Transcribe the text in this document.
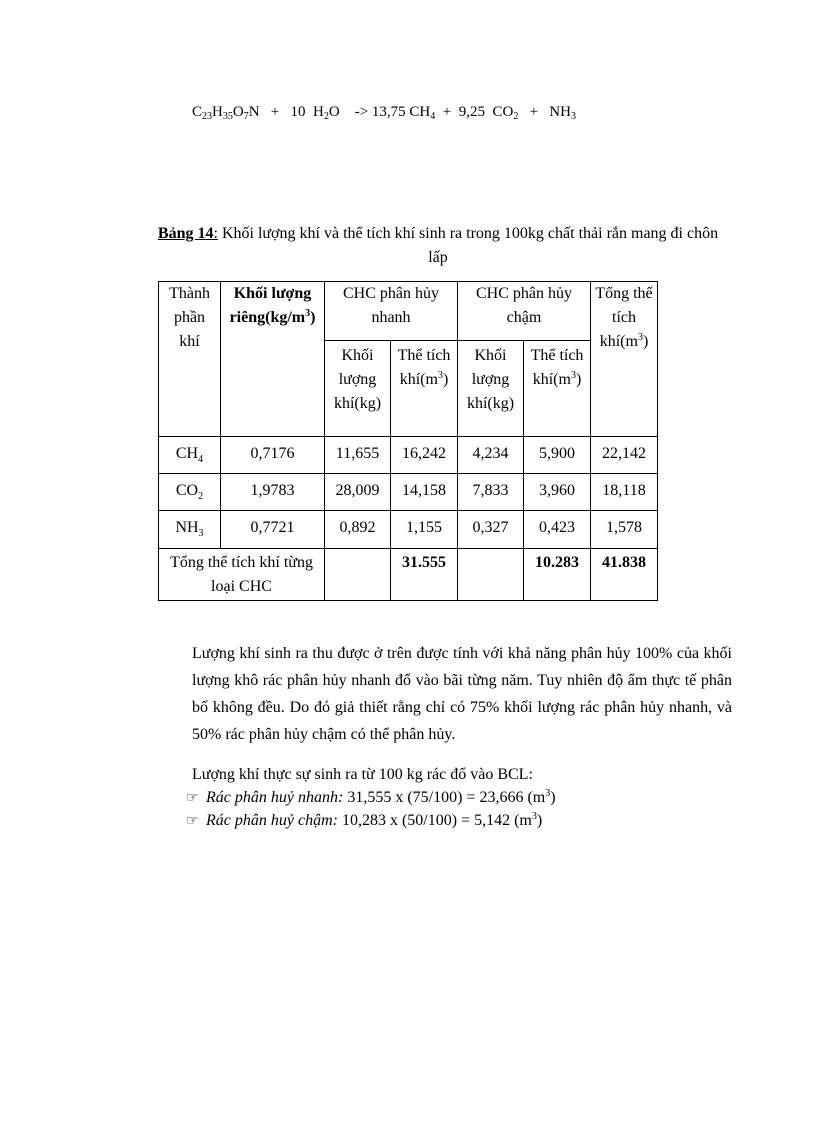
$C_{23}H_{35}O_7N + 10$ $H_2O -> 13,75$ $CH_4 + 9,25$ $CO_2 + NH_3$
Bảng 14: Khối lượng khí và thể tích khí sinh ra trong 100kg chất thải rắn mang đi chôn lấp
Thành phần khí	Khối lượng $riêng(kg/m^3)$	CHC phân hủy nhanh		CHC phân hủy chậm		Tổng thể tích $khí(m^3)$
		Khối lượng khí(kg)	Thể tích $khí(m^3)$	Khối lượng khí(kg)	Thể tích $khí(m^3)$	
$CH_4$	0,7176	11,655	16,242	4,234	5,900	22,142
$CO_2$	1,9783	28,009	14,158	7,833	3,960	18,118
$NH_3$	0,7721	0,892	1,155	0,327	0,423	1,578
Tổng thể tích khí từng loại CHC			31.555		10.283	41.838

Lượng khí sinh ra thu được ở trên được tính với khả năng phân hủy 100% của khối lượng khô rác phân hủy nhanh đổ vào bãi từng năm. Tuy nhiên độ ẩm thực tế phân bố không đều. Do đó giả thiết rằng chỉ có 75% khối lượng rác phân hủy nhanh, và 50% rác phân hủy chậm có thể phân hủy.

Lượng khí thực sự sinh ra từ 100 kg rác đổ vào BCL:

☞ Rác phân huỷ nhanh: 31,555 x (75/100) = 23,666 $(m^3)$
☞ Rác phân huỷ chậm: 10,283 x (50/100) = 5,142 $(m^3)$
